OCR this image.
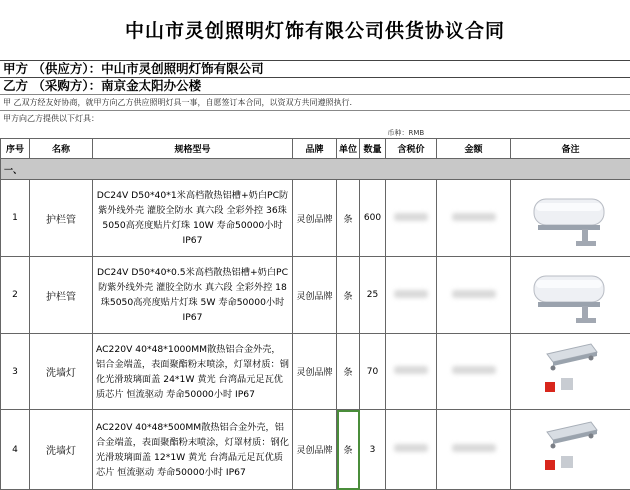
中山市灵创照明灯饰有限公司供货协议合同
甲方 （供应方）：中山市灵创照明灯饰有限公司
乙方 （采购方）：南京金太阳办公楼
甲 乙双方经友好协商，就甲方向乙方供应照明灯具一事，自愿签订本合同，以资双方共同遵照执行.
甲方向乙方提供以下灯具：
						币种：RMB		
序号	名称	规格型号	品牌	单位	数量	含税价	金额	备注
一、								
1	护栏管	DC24V D50*40*1米高档散热铝槽+奶白PC防紫外线外壳 灌胶全防水 真六段 全彩外控 36珠5050高亮度贴片灯珠 10W 寿命50000小时 IP67	灵创品牌	条	600			

2	护栏管	DC24V D50*40*0.5米高档散热铝槽+奶白PC防紫外线外壳 灌胶全防水 真六段 全彩外控 18珠5050高亮度贴片灯珠 5W 寿命50000小时 IP67	灵创品牌	条	25			

3	洗墙灯	AC220V 40*48*1000MM散热铝合金外壳，铝合金端盖，表面聚酯粉末喷涂，灯罩材质：钢化光滑玻璃面盖 24*1W 黄光 台湾晶元足瓦优质芯片 恒流驱动 寿命50000小时 IP67	灵创品牌	条	70			

4	洗墙灯	AC220V 40*48*500MM散热铝合金外壳，铝合金端盖，表面聚酯粉末喷涂，灯罩材质：钢化光滑玻璃面盖 12*1W 黄光 台湾晶元足瓦优质芯片 恒流驱动 寿命50000小时 IP67	灵创品牌	条	3			
